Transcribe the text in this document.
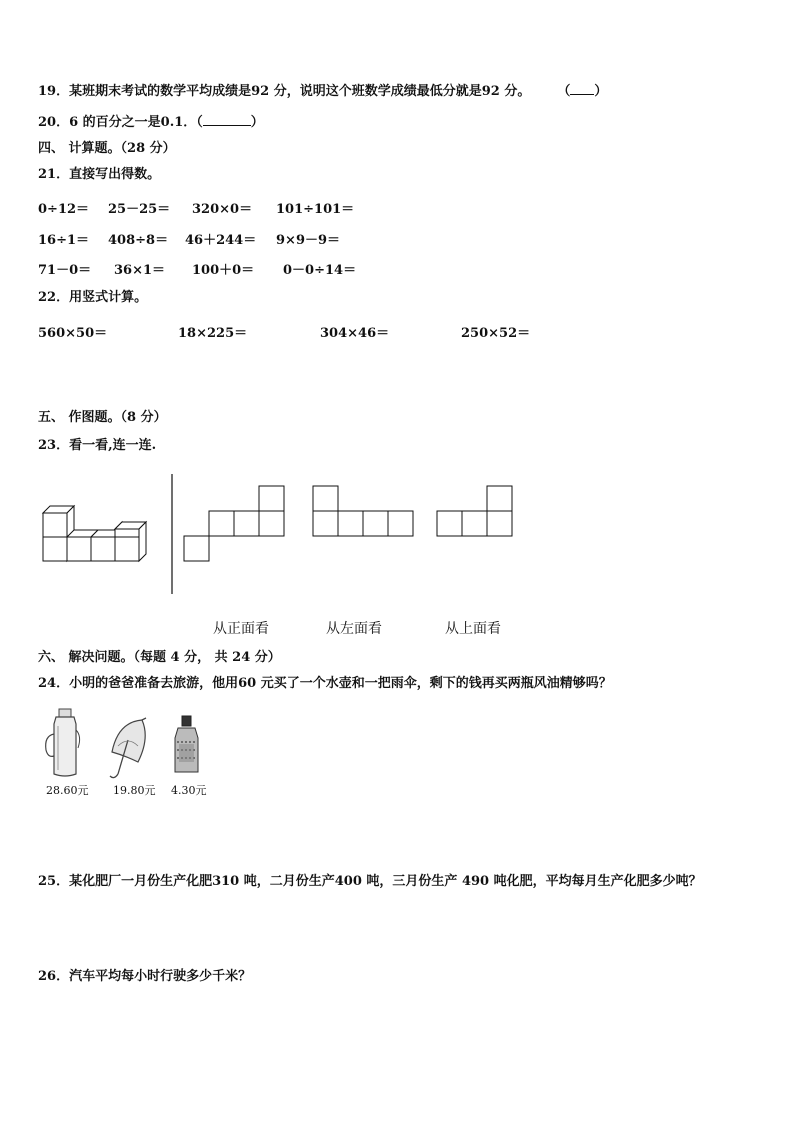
19．某班期末考试的数学平均成绩是92 分，说明这个班数学成绩最低分就是92 分。 （ ）
20．6 的百分之一是0.1．（	）
四、 计算题。（28 分）
21．直接写出得数。
0÷12＝ 25－25＝ 320×0＝ 101÷101＝
16÷1＝ 408÷8＝ 46＋244＝ 9×9－9＝
71－0＝ 36×1＝ 100＋0＝ 0－0÷14＝
22．用竖式计算。
560×50＝	18×225＝	304×46＝	250×52＝
五、 作图题。（8 分）
23．看一看,连一连.
从正面看	从左面看	从上面看
六、 解决问题。（每题 4 分， 共 24 分）
24．小明的爸爸准备去旅游，他用60 元买了一个水壶和一把雨伞，剩下的钱再买两瓶风油精够吗？
28.60元 19.80元 4.30元
25．某化肥厂一月份生产化肥310 吨，二月份生产400 吨，三月份生产 490 吨化肥，平均每月生产化肥多少吨？
26．汽车平均每小时行驶多少千米？
